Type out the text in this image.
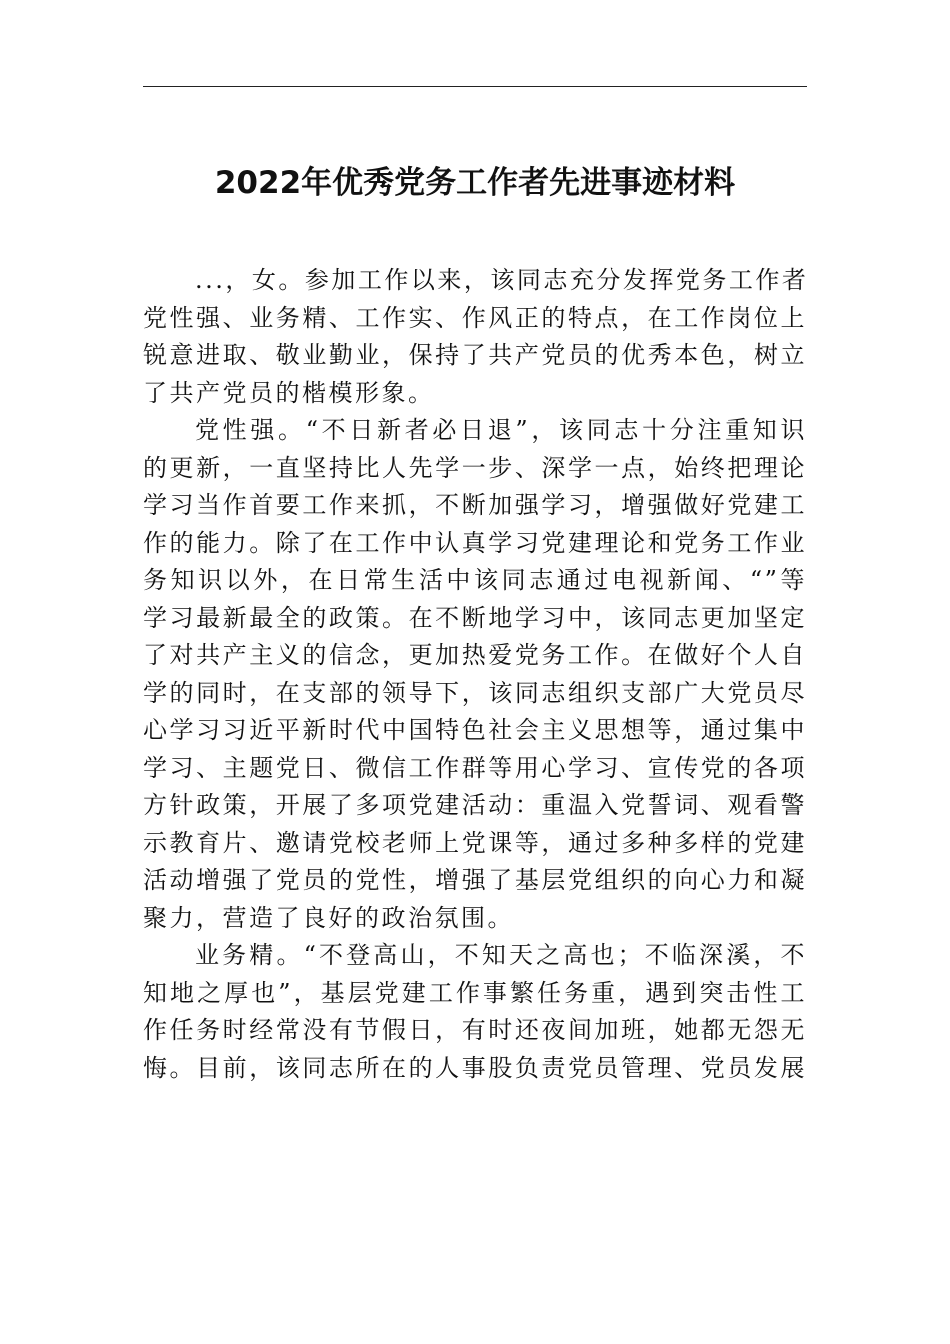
2022年优秀党务工作者先进事迹材料

...，女。参加工作以来，该同志充分发挥党务工作者
党性强、业务精、工作实、作风正的特点，在工作岗位上
锐意进取、敬业勤业，保持了共产党员的优秀本色，树立
了共产党员的楷模形象。

党性强。“不日新者必日退”，该同志十分注重知识
的更新，一直坚持比人先学一步、深学一点，始终把理论
学习当作首要工作来抓，不断加强学习，增强做好党建工
作的能力。除了在工作中认真学习党建理论和党务工作业
务知识以外，在日常生活中该同志通过电视新闻、“”等
学习最新最全的政策。在不断地学习中，该同志更加坚定
了对共产主义的信念，更加热爱党务工作。在做好个人自
学的同时，在支部的领导下，该同志组织支部广大党员尽
心学习习近平新时代中国特色社会主义思想等，通过集中
学习、主题党日、微信工作群等用心学习、宣传党的各项
方针政策，开展了多项党建活动：重温入党誓词、观看警
示教育片、邀请党校老师上党课等，通过多种多样的党建
活动增强了党员的党性，增强了基层党组织的向心力和凝
聚力，营造了良好的政治氛围。

业务精。“不登高山，不知天之高也；不临深溪，不
知地之厚也”，基层党建工作事繁任务重，遇到突击性工
作任务时经常没有节假日，有时还夜间加班，她都无怨无
悔。目前，该同志所在的人事股负责党员管理、党员发展
